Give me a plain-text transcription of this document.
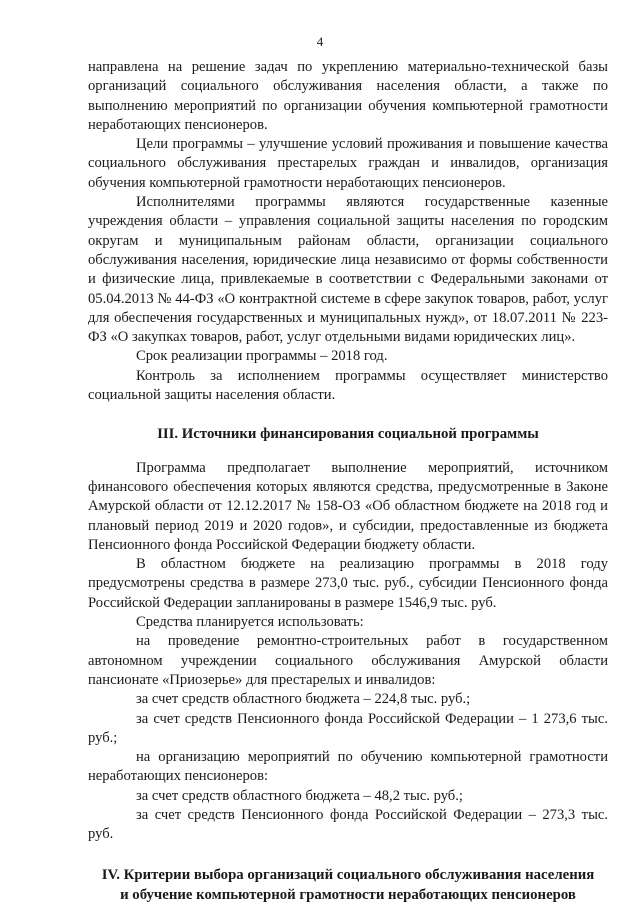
4

направлена на решение задач по укреплению материально-технической базы организаций социального обслуживания населения области, а также по выполнению мероприятий по организации обучения компьютерной грамотности неработающих пенсионеров.

Цели программы – улучшение условий проживания и повышение качества социального обслуживания престарелых граждан и инвалидов, организация обучения компьютерной грамотности неработающих пенсионеров.

Исполнителями программы являются государственные казенные учреждения области – управления социальной защиты населения по городским округам и муниципальным районам области, организации социального обслуживания населения, юридические лица независимо от формы собственности и физические лица, привлекаемые в соответствии с Федеральными законами от 05.04.2013 № 44-ФЗ «О контрактной системе в сфере закупок товаров, работ, услуг для обеспечения государственных и муниципальных нужд», от 18.07.2011 № 223-ФЗ «О закупках товаров, работ, услуг отдельными видами юридических лиц».

Срок реализации программы – 2018 год.

Контроль за исполнением программы осуществляет министерство социальной защиты населения области.

III. Источники финансирования социальной программы

Программа предполагает выполнение мероприятий, источником финансового обеспечения которых являются средства, предусмотренные в Законе Амурской области от 12.12.2017 № 158-ОЗ «Об областном бюджете на 2018 год и плановый период 2019 и 2020 годов», и субсидии, предоставленные из бюджета Пенсионного фонда Российской Федерации бюджету области.

В областном бюджете на реализацию программы в 2018 году предусмотрены средства в размере 273,0 тыс. руб., субсидии Пенсионного фонда Российской Федерации запланированы в размере 1546,9 тыс. руб.

Средства планируется использовать:

на проведение ремонтно-строительных работ в государственном автономном учреждении социального обслуживания Амурской области пансионате «Приозерье» для престарелых и инвалидов:

за счет средств областного бюджета – 224,8 тыс. руб.;

за счет средств Пенсионного фонда Российской Федерации – 1 273,6 тыс. руб.;

на организацию мероприятий по обучению компьютерной грамотности неработающих пенсионеров:

за счет средств областного бюджета – 48,2 тыс. руб.;

за счет средств Пенсионного фонда Российской Федерации – 273,3 тыс. руб.

IV. Критерии выбора организаций социального обслуживания населения
и обучение компьютерной грамотности неработающих пенсионеров
